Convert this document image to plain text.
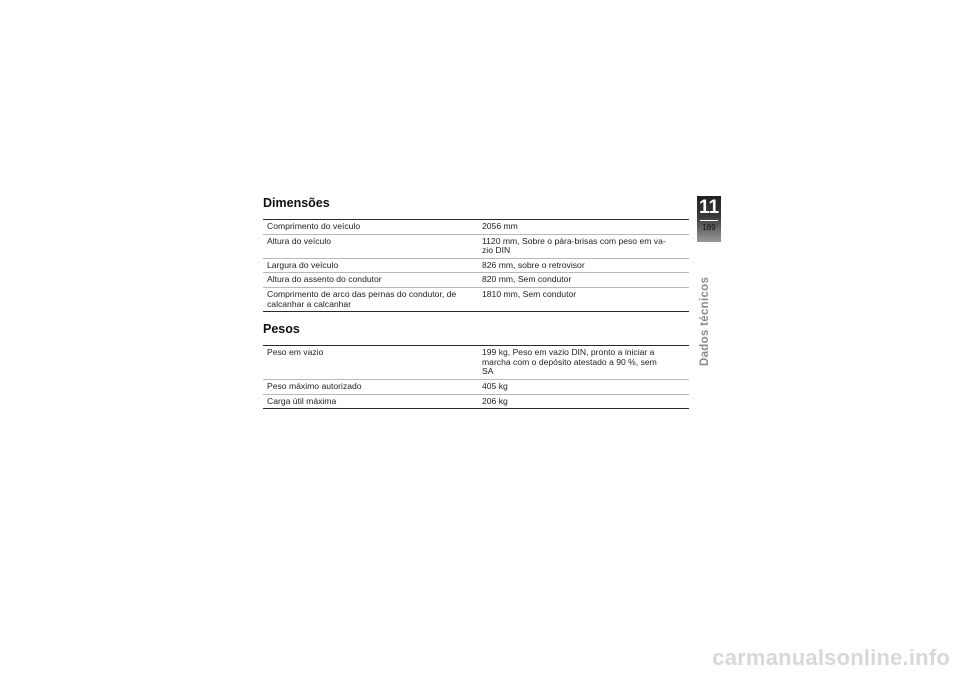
Dimensões
Comprimento do veículo	2056 mm
Altura do veículo	1120 mm, Sobre o pára-brisas com peso em va-
zio DIN
Largura do veículo	826 mm, sobre o retrovisor
Altura do assento do condutor	820 mm, Sem condutor
Comprimento de arco das pernas do condutor, de
calcanhar a calcanhar	1810 mm, Sem condutor
Pesos
Peso em vazio	199 kg, Peso em vazio DIN, pronto a iniciar a
marcha com o depósito atestado a 90 %, sem
SA
Peso máximo autorizado	405 kg
Carga útil máxima	206 kg
11
189
Dados técnicos
carmanualsonline.info
